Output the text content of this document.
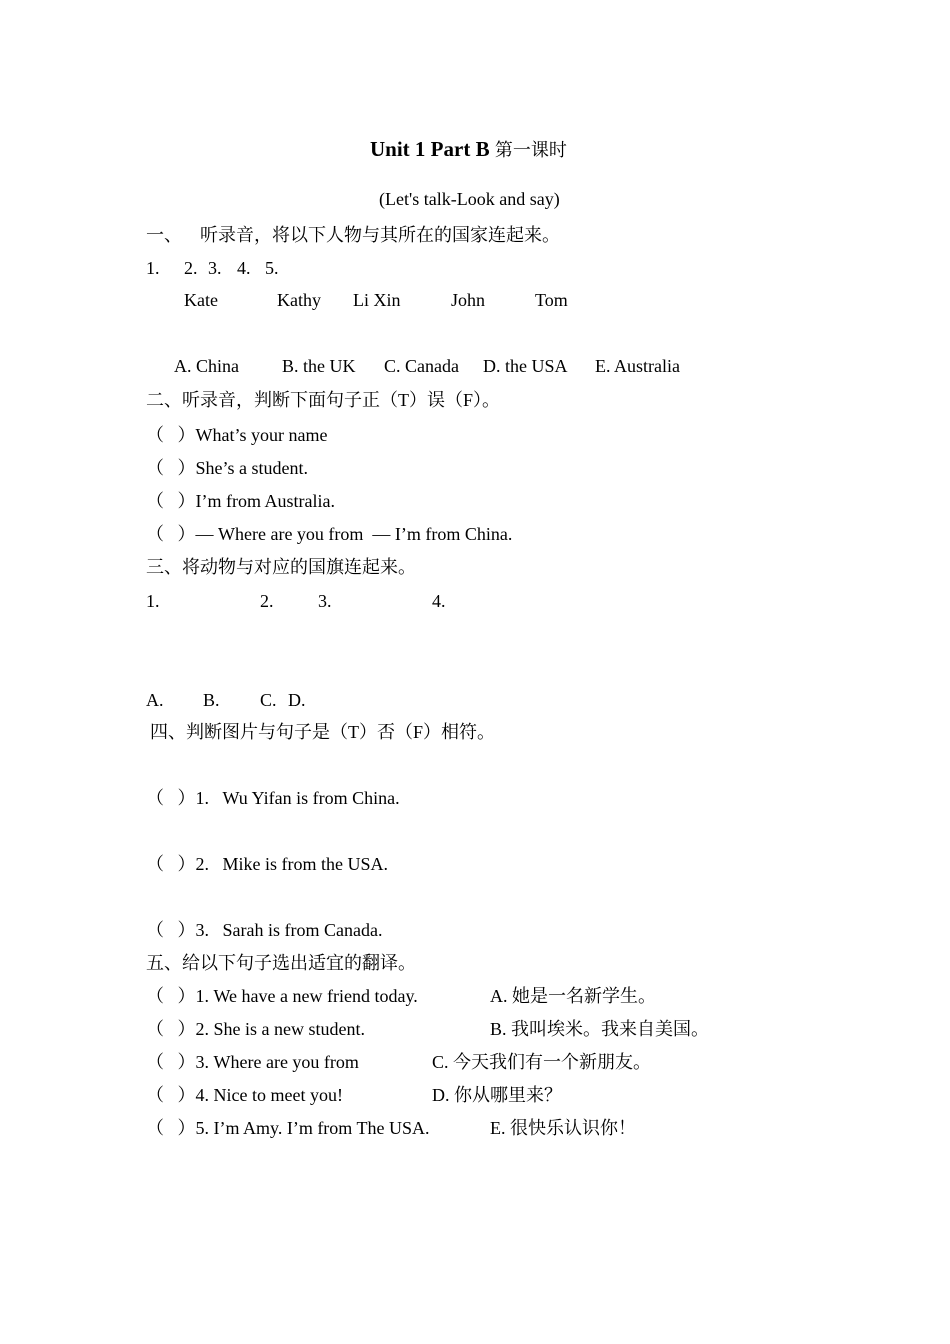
Unit 1 Part B 第一课时
(Let's talk-Look and say)
一、    听录音，将以下人物与其所在的国家连起来。
1. 2. 3. 4. 5.
Kate	Kathy Li Xin	John	Tom
A. China B. the UK C. Canada D. the USA E. Australia
二、听录音，判断下面句子正（T）误（F）。
（   ）What’s your name
（   ）She’s a student.
（   ）I’m from Australia.
（   ）— Where are you from  — I’m from China.
三、将动物与对应的国旗连起来。
1.	2. 3.	4.
A. B. C. D.
四、判断图片与句子是（T）否（F）相符。
（   ）1.   Wu Yifan is from China.
（   ）2.   Mike is from the USA.
（   ）3.   Sarah is from Canada.
五、给以下句子选出适宜的翻译。
（   ）1. We have a new friend today.	A. 她是一名新学生。
（   ）2. She is a new student.	B. 我叫埃米。我来自美国。
（   ）3. Where are you from	C. 今天我们有一个新朋友。
（   ）4. Nice to meet you!	D. 你从哪里来？
（   ）5. I’m Amy. I’m from The USA.	E. 很快乐认识你！
